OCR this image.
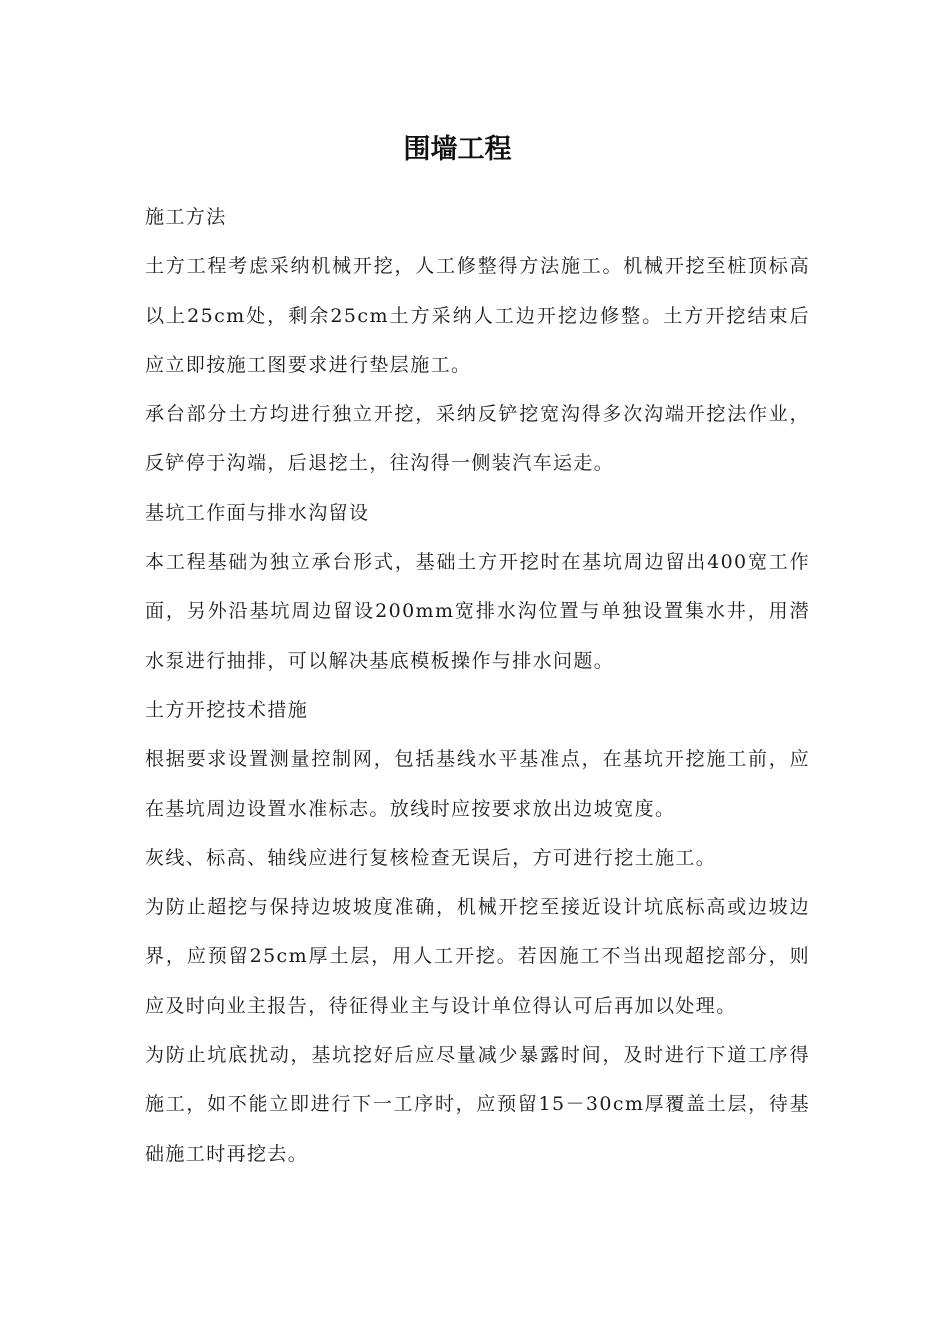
围墙工程

施工方法

土方工程考虑采纳机械开挖，人工修整得方法施工。机械开挖至桩顶标高以上25cm处，剩余25cm土方采纳人工边开挖边修整。土方开挖结束后应立即按施工图要求进行垫层施工。

承台部分土方均进行独立开挖，采纳反铲挖宽沟得多次沟端开挖法作业，反铲停于沟端，后退挖土，往沟得一侧装汽车运走。

基坑工作面与排水沟留设

本工程基础为独立承台形式，基础土方开挖时在基坑周边留出400宽工作面，另外沿基坑周边留设200mm宽排水沟位置与单独设置集水井，用潜水泵进行抽排，可以解决基底模板操作与排水问题。

土方开挖技术措施

根据要求设置测量控制网，包括基线水平基准点，在基坑开挖施工前，应在基坑周边设置水准标志。放线时应按要求放出边坡宽度。

灰线、标高、轴线应进行复核检查无误后，方可进行挖土施工。

为防止超挖与保持边坡坡度准确，机械开挖至接近设计坑底标高或边坡边界，应预留25cm厚土层，用人工开挖。若因施工不当出现超挖部分，则应及时向业主报告，待征得业主与设计单位得认可后再加以处理。

为防止坑底扰动，基坑挖好后应尽量减少暴露时间，及时进行下道工序得施工，如不能立即进行下一工序时，应预留15－30cm厚覆盖土层，待基础施工时再挖去。
